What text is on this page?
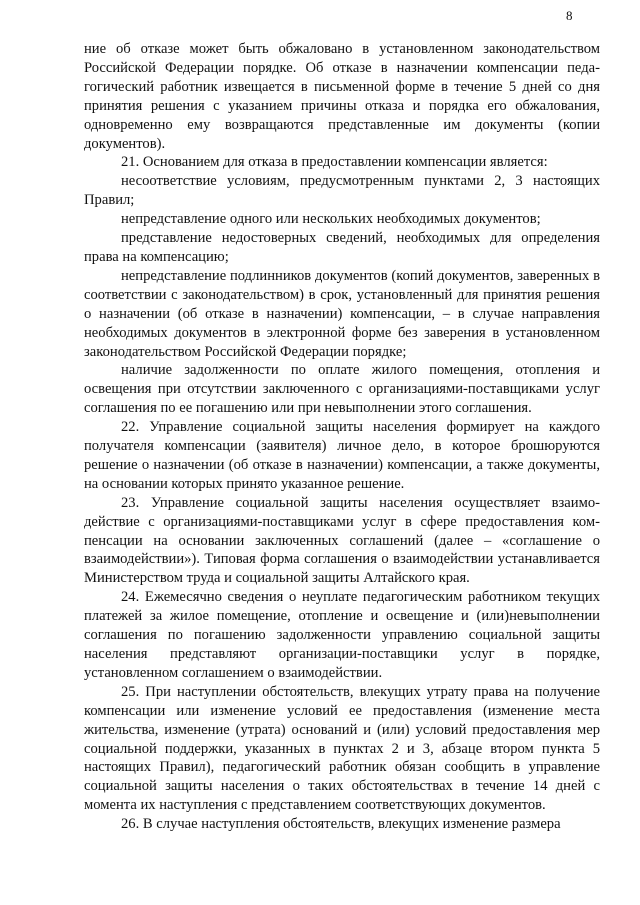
8

ние об отказе может быть обжаловано в установленном законодательством Российской Федерации порядке. Об отказе в назначении компенсации педагогический работник извещается в письменной форме в течение 5 дней со дня принятия решения с указанием причины отказа и порядка его обжалования, одновременно ему возвращаются представленные им документы (копии документов).

21. Основанием для отказа в предоставлении компенсации является:

несоответствие условиям, предусмотренным пунктами 2, 3 настоящих Правил;

непредставление одного или нескольких необходимых документов;

представление недостоверных сведений, необходимых для определения права на компенсацию;

непредставление подлинников документов (копий документов, заверенных в соответствии с законодательством) в срок, установленный для принятия решения о назначении (об отказе в назначении) компенсации, – в случае направления необходимых документов в электронной форме без заверения в установленном законодательством Российской Федерации порядке;

наличие задолженности по оплате жилого помещения, отопления и освещения при отсутствии заключенного с организациями-поставщиками услуг соглашения по ее погашению или при невыполнении этого соглашения.

22. Управление социальной защиты населения формирует на каждого получателя компенсации (заявителя) личное дело, в которое брошюруются решение о назначении (об отказе в назначении) компенсации, а также документы, на основании которых принято указанное решение.

23. Управление социальной защиты населения осуществляет взаимодействие с организациями-поставщиками услуг в сфере предоставления компенсации на основании заключенных соглашений (далее – «соглашение о взаимодействии»). Типовая форма соглашения о взаимодействии устанавливается Министерством труда и социальной защиты Алтайского края.

24. Ежемесячно сведения о неуплате педагогическим работником текущих платежей за жилое помещение, отопление и освещение и (или)невыполнении соглашения по погашению задолженности управлению социальной защиты населения представляют организации-поставщики услуг в порядке, установленном соглашением о взаимодействии.

25. При наступлении обстоятельств, влекущих утрату права на получение компенсации или изменение условий ее предоставления (изменение места жительства, изменение (утрата) оснований и (или) условий предоставления мер социальной поддержки, указанных в пунктах 2 и 3, абзаце втором пункта 5 настоящих Правил), педагогический работник обязан сообщить в управление социальной защиты населения о таких обстоятельствах в течение 14 дней с момента их наступления с представлением соответствующих документов.

26. В случае наступления обстоятельств, влекущих изменение размера
